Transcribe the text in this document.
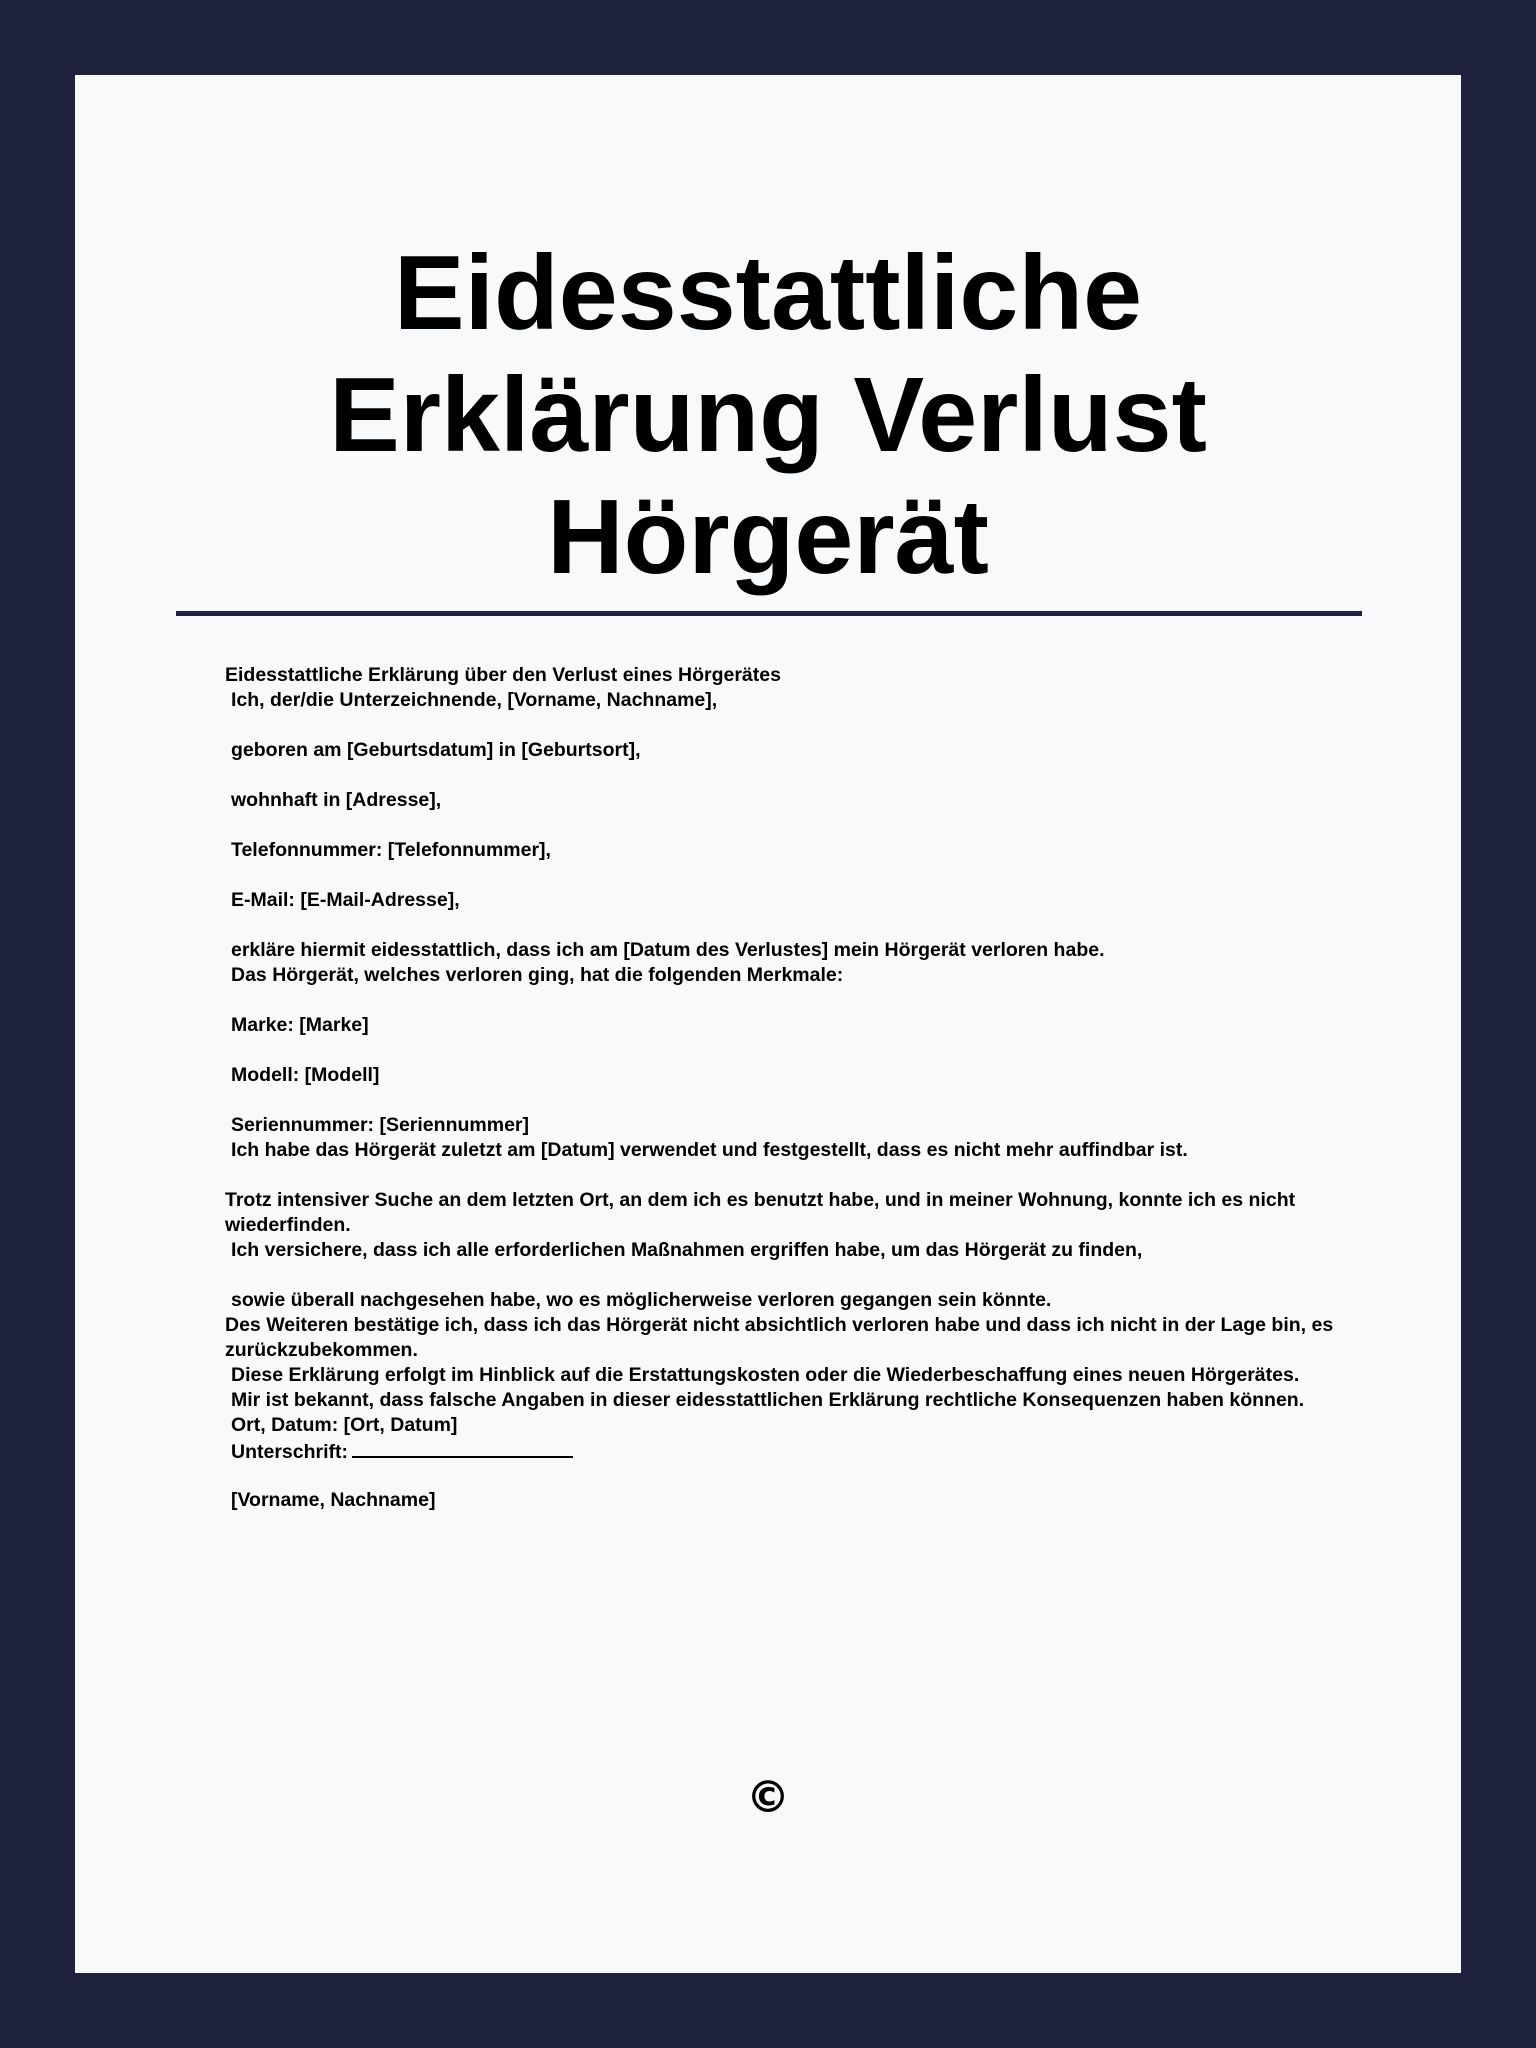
Eidesstattliche
Erklärung Verlust
Hörgerät
Eidesstattliche Erklärung über den Verlust eines Hörgerätes
Ich, der/die Unterzeichnende, [Vorname, Nachname],
geboren am [Geburtsdatum] in [Geburtsort],
wohnhaft in [Adresse],
Telefonnummer: [Telefonnummer],
E-Mail: [E-Mail-Adresse],
erkläre hiermit eidesstattlich, dass ich am [Datum des Verlustes] mein Hörgerät verloren habe.
Das Hörgerät, welches verloren ging, hat die folgenden Merkmale:
Marke: [Marke]
Modell: [Modell]
Seriennummer: [Seriennummer]
Ich habe das Hörgerät zuletzt am [Datum] verwendet und festgestellt, dass es nicht mehr auffindbar ist.
Trotz intensiver Suche an dem letzten Ort, an dem ich es benutzt habe, und in meiner Wohnung, konnte ich es nicht wiederfinden.
Ich versichere, dass ich alle erforderlichen Maßnahmen ergriffen habe, um das Hörgerät zu finden,
sowie überall nachgesehen habe, wo es möglicherweise verloren gegangen sein könnte.
Des Weiteren bestätige ich, dass ich das Hörgerät nicht absichtlich verloren habe und dass ich nicht in der Lage bin, es zurückzubekommen.
Diese Erklärung erfolgt im Hinblick auf die Erstattungskosten oder die Wiederbeschaffung eines neuen Hörgerätes.
Mir ist bekannt, dass falsche Angaben in dieser eidesstattlichen Erklärung rechtliche Konsequenzen haben können.
Ort, Datum: [Ort, Datum]
Unterschrift:
[Vorname, Nachname]
©
